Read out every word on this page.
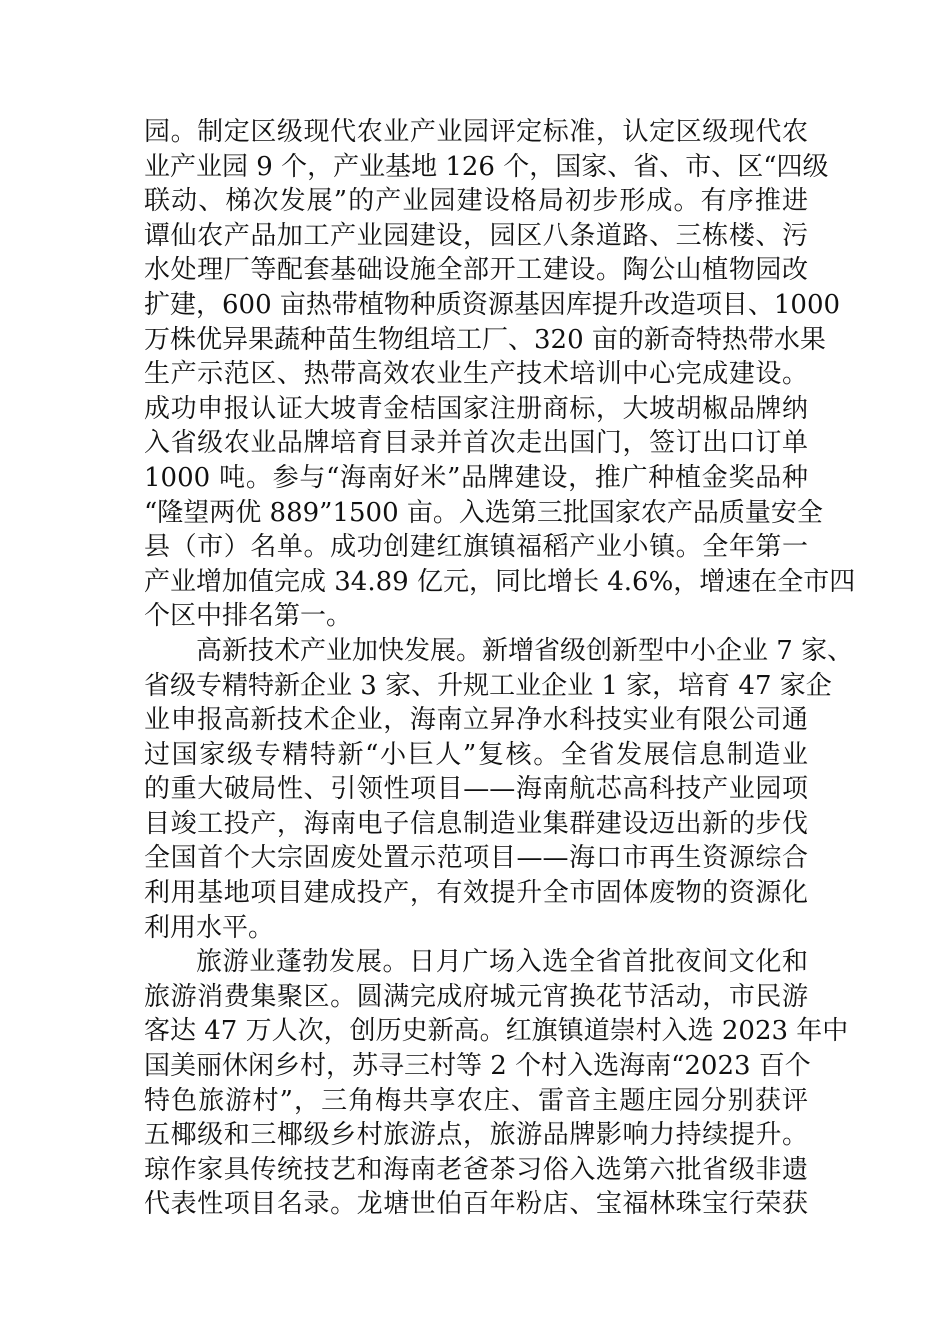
园。制定区级现代农业产业园评定标准，认定区级现代农
业产业园 9 个，产业基地 126 个，国家、省、市、区“四级
联动、梯次发展”的产业园建设格局初步形成。有序推进
谭仙农产品加工产业园建设，园区八条道路、三栋楼、污
水处理厂等配套基础设施全部开工建设。陶公山植物园改
扩建，600 亩热带植物种质资源基因库提升改造项目、1000
万株优异果蔬种苗生物组培工厂、320 亩的新奇特热带水果
生产示范区、热带高效农业生产技术培训中心完成建设。
成功申报认证大坡青金桔国家注册商标，大坡胡椒品牌纳
入省级农业品牌培育目录并首次走出国门，签订出口订单
1000 吨。参与“海南好米”品牌建设，推广种植金奖品种
“隆望两优 889”1500 亩。入选第三批国家农产品质量安全
县（市）名单。成功创建红旗镇福稻产业小镇。全年第一
产业增加值完成 34.89 亿元，同比增长 4.6%，增速在全市四
个区中排名第一。
高新技术产业加快发展。新增省级创新型中小企业 7 家、
省级专精特新企业 3 家、升规工业企业 1 家，培育 47 家企
业申报高新技术企业，海南立昇净水科技实业有限公司通
过国家级专精特新“小巨人”复核。全省发展信息制造业
的重大破局性、引领性项目——海南航芯高科技产业园项
目竣工投产，海南电子信息制造业集群建设迈出新的步伐
全国首个大宗固废处置示范项目——海口市再生资源综合
利用基地项目建成投产，有效提升全市固体废物的资源化
利用水平。
旅游业蓬勃发展。日月广场入选全省首批夜间文化和
旅游消费集聚区。圆满完成府城元宵换花节活动，市民游
客达 47 万人次，创历史新高。红旗镇道崇村入选 2023 年中
国美丽休闲乡村，苏寻三村等 2 个村入选海南“2023 百个
特色旅游村”，三角梅共享农庄、雷音主题庄园分别获评
五椰级和三椰级乡村旅游点，旅游品牌影响力持续提升。
琼作家具传统技艺和海南老爸茶习俗入选第六批省级非遗
代表性项目名录。龙塘世伯百年粉店、宝福林珠宝行荣获
